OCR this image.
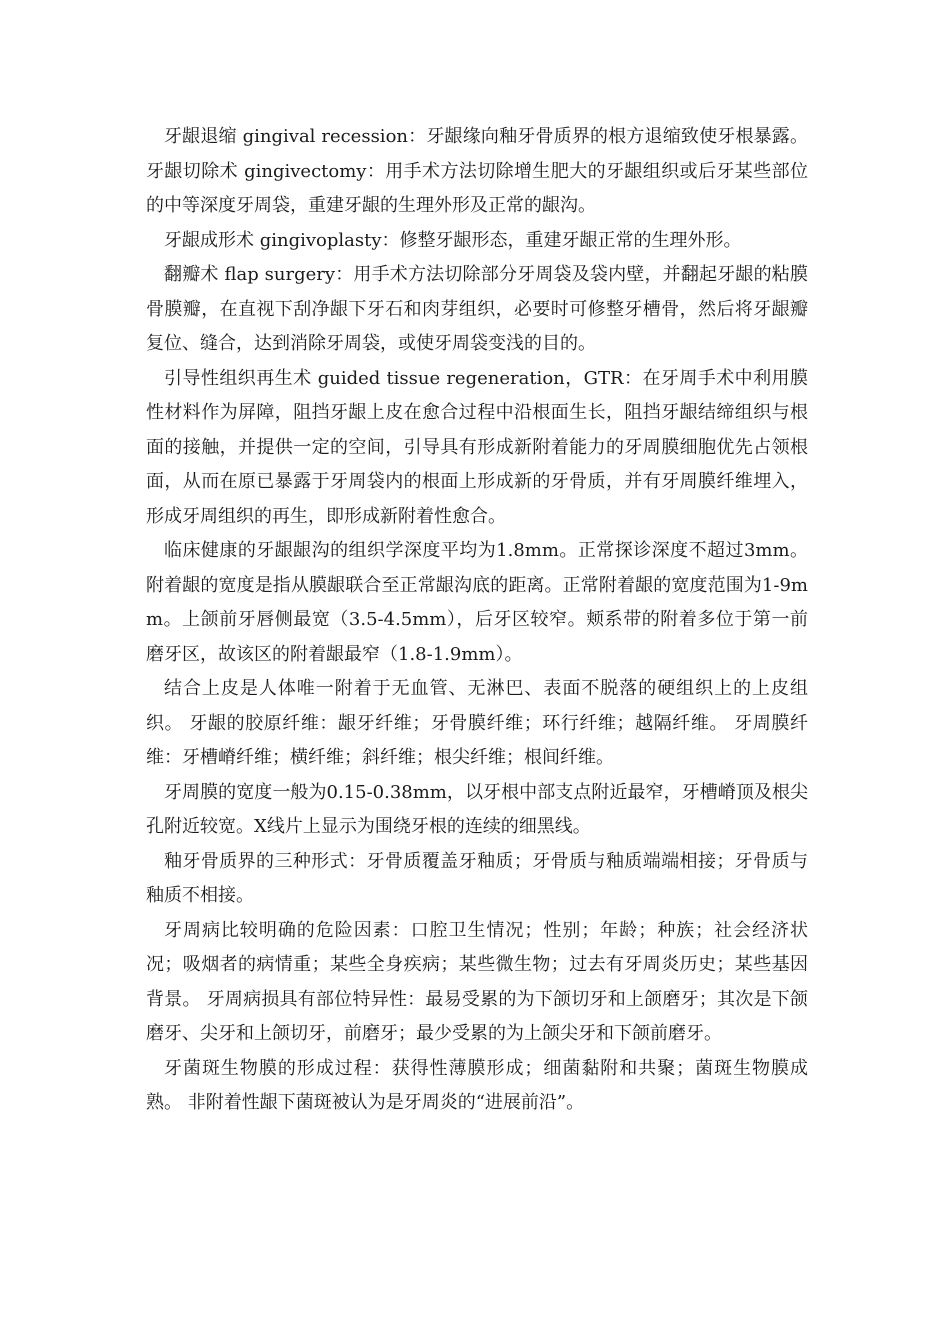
牙龈退缩 gingival recession：牙龈缘向釉牙骨质界的根方退缩致使牙根暴露。 牙龈切除术 gingivectomy：用手术方法切除增生肥大的牙龈组织或后牙某些部位的中等深度牙周袋，重建牙龈的生理外形及正常的龈沟。

牙龈成形术 gingivoplasty：修整牙龈形态，重建牙龈正常的生理外形。

翻瓣术 flap surgery：用手术方法切除部分牙周袋及袋内壁，并翻起牙龈的粘膜骨膜瓣，在直视下刮净龈下牙石和肉芽组织，必要时可修整牙槽骨，然后将牙龈瓣复位、缝合，达到消除牙周袋，或使牙周袋变浅的目的。

引导性组织再生术 guided tissue regeneration，GTR：在牙周手术中利用膜性材料作为屏障，阻挡牙龈上皮在愈合过程中沿根面生长，阻挡牙龈结缔组织与根面的接触，并提供一定的空间，引导具有形成新附着能力的牙周膜细胞优先占领根面，从而在原已暴露于牙周袋内的根面上形成新的牙骨质，并有牙周膜纤维埋入，形成牙周组织的再生，即形成新附着性愈合。

临床健康的牙龈龈沟的组织学深度平均为1.8mm。正常探诊深度不超过3mm。附着龈的宽度是指从膜龈联合至正常龈沟底的距离。正常附着龈的宽度范围为1-9mm。上颌前牙唇侧最宽（3.5-4.5mm），后牙区较窄。颊系带的附着多位于第一前磨牙区，故该区的附着龈最窄（1.8-1.9mm）。

结合上皮是人体唯一附着于无血管、无淋巴、表面不脱落的硬组织上的上皮组织。 牙龈的胶原纤维：龈牙纤维；牙骨膜纤维；环行纤维；越隔纤维。 牙周膜纤维：牙槽嵴纤维；横纤维；斜纤维；根尖纤维；根间纤维。

牙周膜的宽度一般为0.15-0.38mm，以牙根中部支点附近最窄，牙槽嵴顶及根尖孔附近较宽。X线片上显示为围绕牙根的连续的细黑线。

釉牙骨质界的三种形式：牙骨质覆盖牙釉质；牙骨质与釉质端端相接；牙骨质与釉质不相接。

牙周病比较明确的危险因素：口腔卫生情况；性别；年龄；种族；社会经济状况；吸烟者的病情重；某些全身疾病；某些微生物；过去有牙周炎历史；某些基因背景。 牙周病损具有部位特异性：最易受累的为下颌切牙和上颌磨牙；其次是下颌磨牙、尖牙和上颌切牙，前磨牙；最少受累的为上颌尖牙和下颌前磨牙。

牙菌斑生物膜的形成过程：获得性薄膜形成；细菌黏附和共聚；菌斑生物膜成熟。 非附着性龈下菌斑被认为是牙周炎的“进展前沿”。
